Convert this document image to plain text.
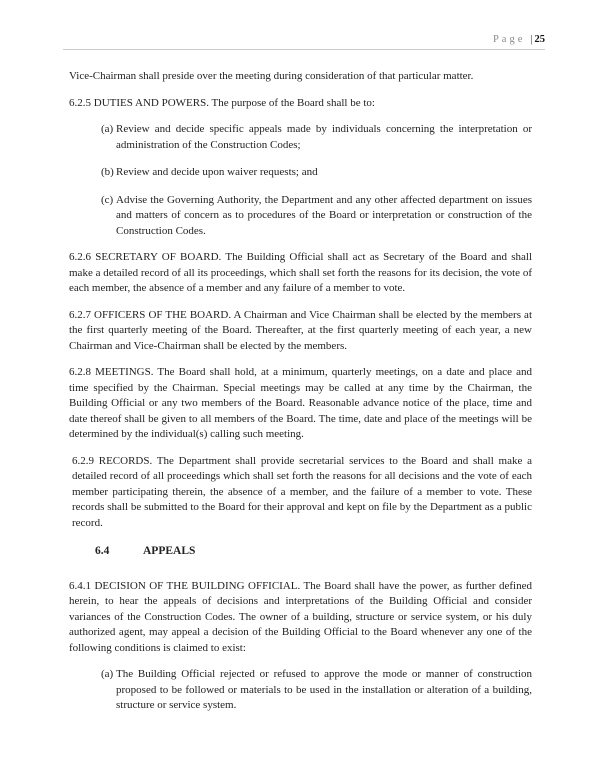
Page | 25

Vice-Chairman shall preside over the meeting during consideration of that particular matter.

6.2.5 DUTIES AND POWERS. The purpose of the Board shall be to:

(a) Review and decide specific appeals made by individuals concerning the interpretation or administration of the Construction Codes;
(b) Review and decide upon waiver requests; and
(c) Advise the Governing Authority, the Department and any other affected department on issues and matters of concern as to procedures of the Board or interpretation or construction of the Construction Codes.

6.2.6 SECRETARY OF BOARD. The Building Official shall act as Secretary of the Board and shall make a detailed record of all its proceedings, which shall set forth the reasons for its decision, the vote of each member, the absence of a member and any failure of a member to vote.

6.2.7 OFFICERS OF THE BOARD. A Chairman and Vice Chairman shall be elected by the members at the first quarterly meeting of the Board. Thereafter, at the first quarterly meeting of each year, a new Chairman and Vice-Chairman shall be elected by the members.

6.2.8 MEETINGS. The Board shall hold, at a minimum, quarterly meetings, on a date and place and time specified by the Chairman. Special meetings may be called at any time by the Chairman, the Building Official or any two members of the Board. Reasonable advance notice of the place, time and date thereof shall be given to all members of the Board. The time, date and place of the meetings will be determined by the individual(s) calling such meeting.

6.2.9 RECORDS. The Department shall provide secretarial services to the Board and shall make a detailed record of all proceedings which shall set forth the reasons for all decisions and the vote of each member participating therein, the absence of a member, and the failure of a member to vote. These records shall be submitted to the Board for their approval and kept on file by the Department as a public record.

6.4	APPEALS

6.4.1 DECISION OF THE BUILDING OFFICIAL. The Board shall have the power, as further defined herein, to hear the appeals of decisions and interpretations of the Building Official and consider variances of the Construction Codes. The owner of a building, structure or service system, or his duly authorized agent, may appeal a decision of the Building Official to the Board whenever any one of the following conditions is claimed to exist:

(a) The Building Official rejected or refused to approve the mode or manner of construction proposed to be followed or materials to be used in the installation or alteration of a building, structure or service system.
